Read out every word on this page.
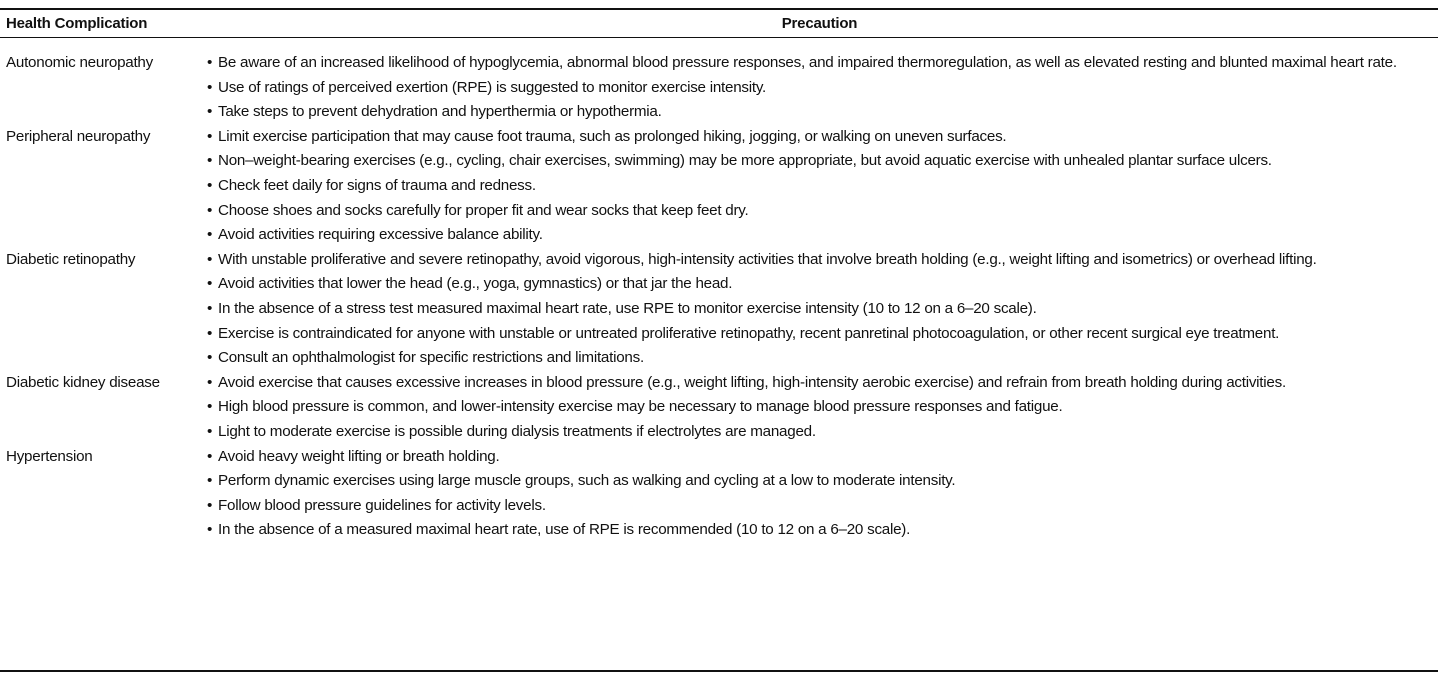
Health Complication	Precaution
Autonomic neuropathy	• Be aware of an increased likelihood of hypoglycemia, abnormal blood pressure responses, and impaired thermoregulation, as well as elevated resting and blunted maximal heart rate.
• Use of ratings of perceived exertion (RPE) is suggested to monitor exercise intensity.
• Take steps to prevent dehydration and hyperthermia or hypothermia.
Peripheral neuropathy	• Limit exercise participation that may cause foot trauma, such as prolonged hiking, jogging, or walking on uneven surfaces.
• Non–weight-bearing exercises (e.g., cycling, chair exercises, swimming) may be more appropriate, but avoid aquatic exercise with unhealed plantar surface ulcers.
• Check feet daily for signs of trauma and redness.
• Choose shoes and socks carefully for proper fit and wear socks that keep feet dry.
• Avoid activities requiring excessive balance ability.
Diabetic retinopathy	• With unstable proliferative and severe retinopathy, avoid vigorous, high-intensity activities that involve breath holding (e.g., weight lifting and isometrics) or overhead lifting.
• Avoid activities that lower the head (e.g., yoga, gymnastics) or that jar the head.
• In the absence of a stress test measured maximal heart rate, use RPE to monitor exercise intensity (10 to 12 on a 6–20 scale).
• Exercise is contraindicated for anyone with unstable or untreated proliferative retinopathy, recent panretinal photocoagulation, or other recent surgical eye treatment.
• Consult an ophthalmologist for specific restrictions and limitations.
Diabetic kidney disease	• Avoid exercise that causes excessive increases in blood pressure (e.g., weight lifting, high-intensity aerobic exercise) and refrain from breath holding during activities.
• High blood pressure is common, and lower-intensity exercise may be necessary to manage blood pressure responses and fatigue.
• Light to moderate exercise is possible during dialysis treatments if electrolytes are managed.
Hypertension	• Avoid heavy weight lifting or breath holding.
• Perform dynamic exercises using large muscle groups, such as walking and cycling at a low to moderate intensity.
• Follow blood pressure guidelines for activity levels.
• In the absence of a measured maximal heart rate, use of RPE is recommended (10 to 12 on a 6–20 scale).
